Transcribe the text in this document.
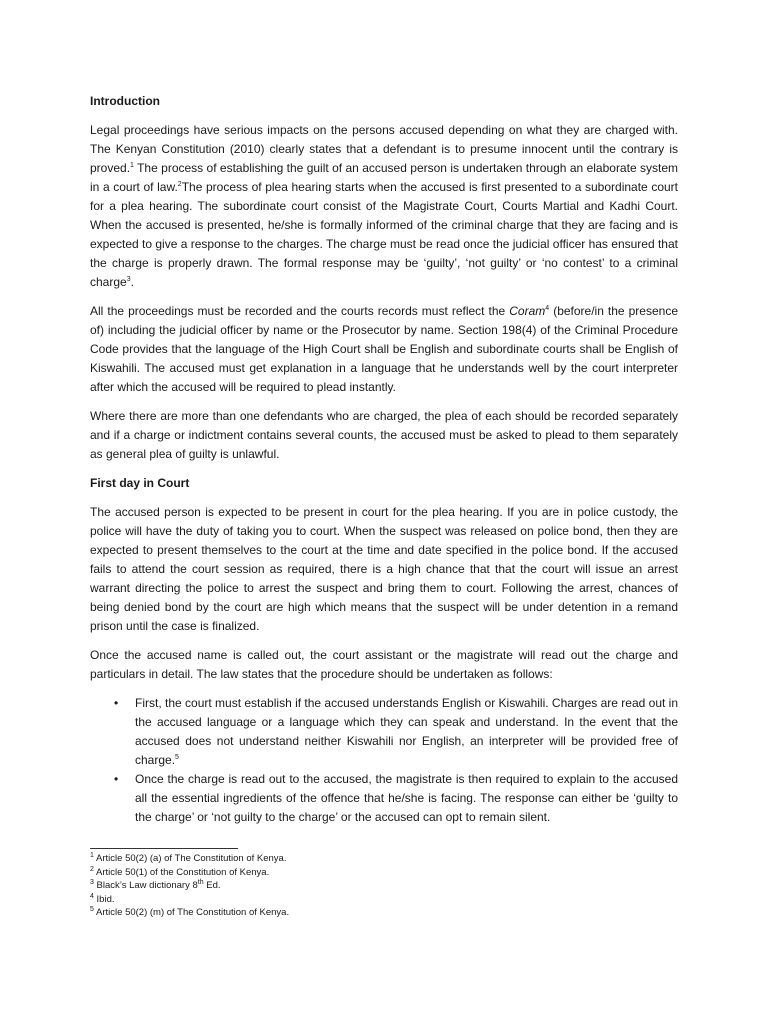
Introduction

Legal proceedings have serious impacts on the persons accused depending on what they are charged with. The Kenyan Constitution (2010) clearly states that a defendant is to presume innocent until the contrary is proved.$^1$ The process of establishing the guilt of an accused person is undertaken through an elaborate system in a court of law.$^2$The process of plea hearing starts when the accused is first presented to a subordinate court for a plea hearing. The subordinate court consist of the Magistrate Court, Courts Martial and Kadhi Court. When the accused is presented, he/she is formally informed of the criminal charge that they are facing and is expected to give a response to the charges. The charge must be read once the judicial officer has ensured that the charge is properly drawn. The formal response may be ‘guilty’, ‘not guilty’ or ‘no contest’ to a criminal charge$^3$.

All the proceedings must be recorded and the courts records must reflect the Coram$^4$ (before/in the presence of) including the judicial officer by name or the Prosecutor by name. Section 198(4) of the Criminal Procedure Code provides that the language of the High Court shall be English and subordinate courts shall be English of Kiswahili. The accused must get explanation in a language that he understands well by the court interpreter after which the accused will be required to plead instantly.

Where there are more than one defendants who are charged, the plea of each should be recorded separately and if a charge or indictment contains several counts, the accused must be asked to plead to them separately as general plea of guilty is unlawful.

First day in Court

The accused person is expected to be present in court for the plea hearing. If you are in police custody, the police will have the duty of taking you to court. When the suspect was released on police bond, then they are expected to present themselves to the court at the time and date specified in the police bond. If the accused fails to attend the court session as required, there is a high chance that that the court will issue an arrest warrant directing the police to arrest the suspect and bring them to court. Following the arrest, chances of being denied bond by the court are high which means that the suspect will be under detention in a remand prison until the case is finalized.

Once the accused name is called out, the court assistant or the magistrate will read out the charge and particulars in detail. The law states that the procedure should be undertaken as follows:

• First, the court must establish if the accused understands English or Kiswahili. Charges are read out in the accused language or a language which they can speak and understand. In the event that the accused does not understand neither Kiswahili nor English, an interpreter will be provided free of charge.$^5$
• Once the charge is read out to the accused, the magistrate is then required to explain to the accused all the essential ingredients of the offence that he/she is facing. The response can either be ‘guilty to the charge’ or ‘not guilty to the charge’ or the accused can opt to remain silent.

$^1$ Article 50(2) (a) of The Constitution of Kenya.

$^2$ Article 50(1) of the Constitution of Kenya.

$^3$ Black’s Law dictionary 8th Ed.

$^4$ Ibid.

$^5$ Article 50(2) (m) of The Constitution of Kenya.
